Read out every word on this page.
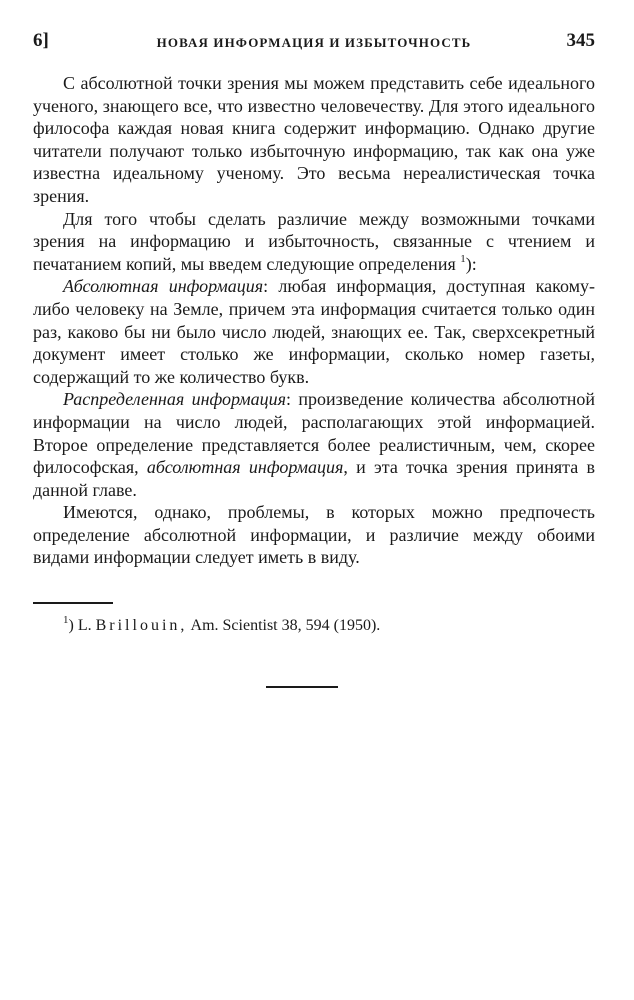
6]	НОВАЯ ИНФОРМАЦИЯ И ИЗБЫТОЧНОСТЬ	345

С абсолютной точки зрения мы можем представить себе идеального ученого, знающего все, что известно человечеству. Для этого идеального философа каждая новая книга содержит информацию. Однако другие читатели получают только избыточную информацию, так как она уже известна идеальному ученому. Это весьма нереалистическая точка зрения.

Для того чтобы сделать различие между возможными точками зрения на информацию и избыточность, связанные с чтением и печатанием копий, мы введем следующие определения $^1$):

Абсолютная информация: любая информация, доступная какому-либо человеку на Земле, причем эта информация считается только один раз, каково бы ни было число людей, знающих ее. Так, сверхсекретный документ имеет столько же информации, сколько номер газеты, содержащий то же количество букв.

Распределенная информация: произведение количества абсолютной информации на число людей, располагающих этой информацией. Второе определение представляется более реалистичным, чем, скорее философская, абсолютная информация, и эта точка зрения принята в данной главе.

Имеются, однако, проблемы, в которых можно предпочесть определение абсолютной информации, и различие между обоими видами информации следует иметь в виду.

$^1$) L. Brillouin, Am. Scientist 38, 594 (1950).
